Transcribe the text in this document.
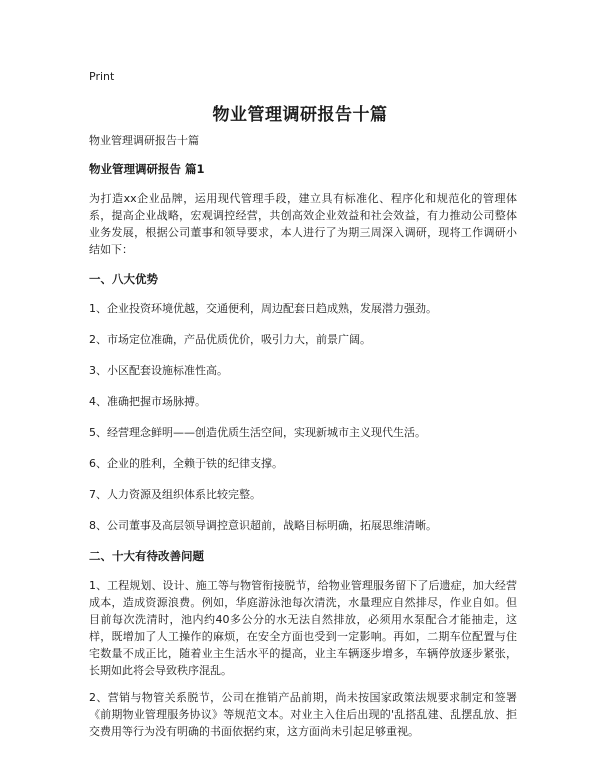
Print
物业管理调研报告十篇

物业管理调研报告十篇

物业管理调研报告 篇1

为打造xx企业品牌，运用现代管理手段，建立具有标准化、程序化和规范化的管理体系，提高企业战略，宏观调控经营，共创高效企业效益和社会效益，有力推动公司整体业务发展，根据公司董事和领导要求，本人进行了为期三周深入调研，现将工作调研小结如下：

一、八大优势

1、企业投资环境优越，交通便利，周边配套日趋成熟，发展潜力强劲。

2、市场定位准确，产品优质优价，吸引力大，前景广阔。

3、小区配套设施标准性高。

4、准确把握市场脉搏。

5、经营理念鲜明——创造优质生活空间，实现新城市主义现代生活。

6、企业的胜利，全赖于铁的纪律支撑。

7、人力资源及组织体系比较完整。

8、公司董事及高层领导调控意识超前，战略目标明确，拓展思维清晰。

二、十大有待改善问题

1、工程规划、设计、施工等与物管衔接脱节，给物业管理服务留下了后遗症，加大经营成本，造成资源浪费。例如，华庭游泳池每次清洗，水量理应自然排尽，作业自如。但目前每次洗清时，池内约40多公分的水无法自然排放，必须用水泵配合才能抽走，这样，既增加了人工操作的麻烦，在安全方面也受到一定影响。再如，二期车位配置与住宅数量不成正比，随着业主生活水平的提高，业主车辆逐步增多，车辆停放逐步紧张，长期如此将会导致秩序混乱。

2、营销与物管关系脱节，公司在推销产品前期，尚未按国家政策法规要求制定和签署《前期物业管理服务协议》等规范文本。对业主入住后出现的'乱搭乱建、乱摆乱放、拒交费用等行为没有明确的书面依据约束，这方面尚未引起足够重视。
